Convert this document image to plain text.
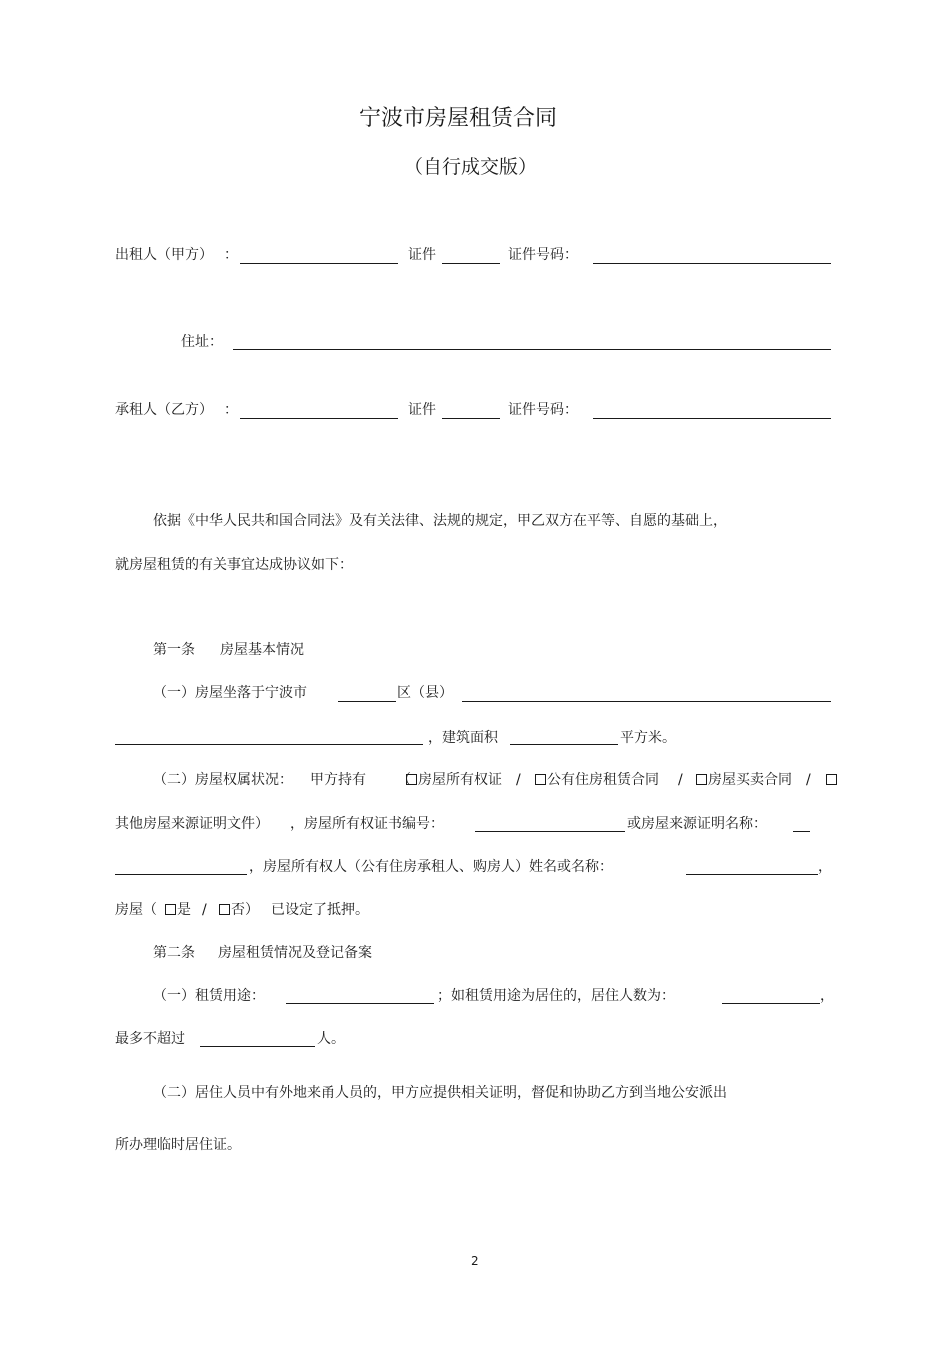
宁波市房屋租赁合同
（自行成交版）
出租人（甲方） ：	证件	证件号码：
住址：
承租人（乙方） ：	证件	证件号码：
依据《中华人民共和国合同法》及有关法律、法规的规定，甲乙双方在平等、自愿的基础上，
就房屋租赁的有关事宜达成协议如下：
第一条 房屋基本情况
（一）房屋坐落于宁波市	区（县）
，建筑面积	平方米。
（二）房屋权属状况： 甲方持有 （ 房屋所有权证 / 公有住房租赁合同 / 房屋买卖合同 /
其他房屋来源证明文件） ，房屋所有权证书编号：	或房屋来源证明名称：
，房屋所有权人（公有住房承租人、购房人）姓名或名称：	，
房屋（ 是 / 否） 已设定了抵押。
第二条 房屋租赁情况及登记备案
（一）租赁用途：	；如租赁用途为居住的，居住人数为：	，
最多不超过	人。
（二）居住人员中有外地来甬人员的，甲方应提供相关证明，督促和协助乙方到当地公安派出
所办理临时居住证。
2
